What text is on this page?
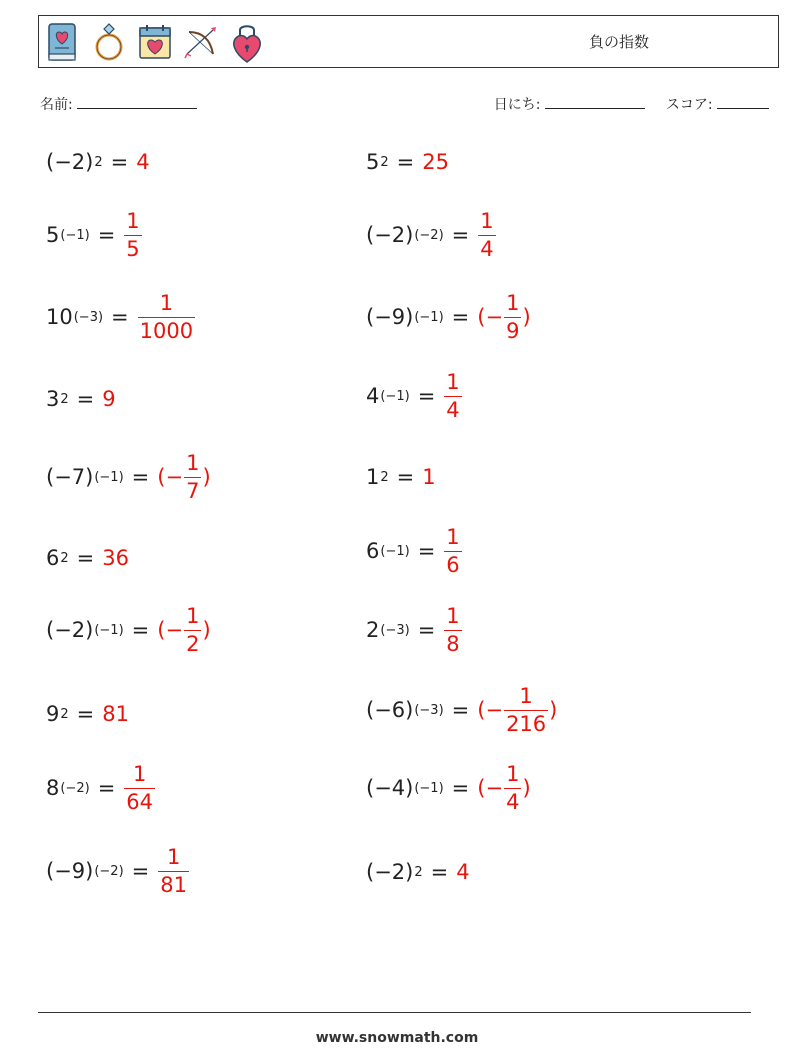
負の指数
名前:	日にち:	スコア:
(−2) 2 = 4	5 2 = 25
5 $(-1) = \frac{1}{5}$	(−2) $(-2) = \frac{1}{4}$
10 $(-3) = \frac{1}{1000}$	(−9) (−1) = (− $\frac{1}{9}$ )
3 2 = 9	4 $(-1) = \frac{1}{4}$
(−7) (−1) = (− $\frac{1}{7}$ )	1 2 = 1
6 2 = 36	6 $(-1) = \frac{1}{6}$
(−2) (−1) = (− $\frac{1}{2}$ )	2 $(-3) = \frac{1}{8}$
9 2 = 81	(−6) (−3) = (− $\frac{1}{216}$ )
8 $(-2) = \frac{1}{64}$	(−4) (−1) = (− $\frac{1}{4}$ )
(−9) $(-2) = \frac{1}{81}$	(−2) 2 = 4
www.snowmath.com
